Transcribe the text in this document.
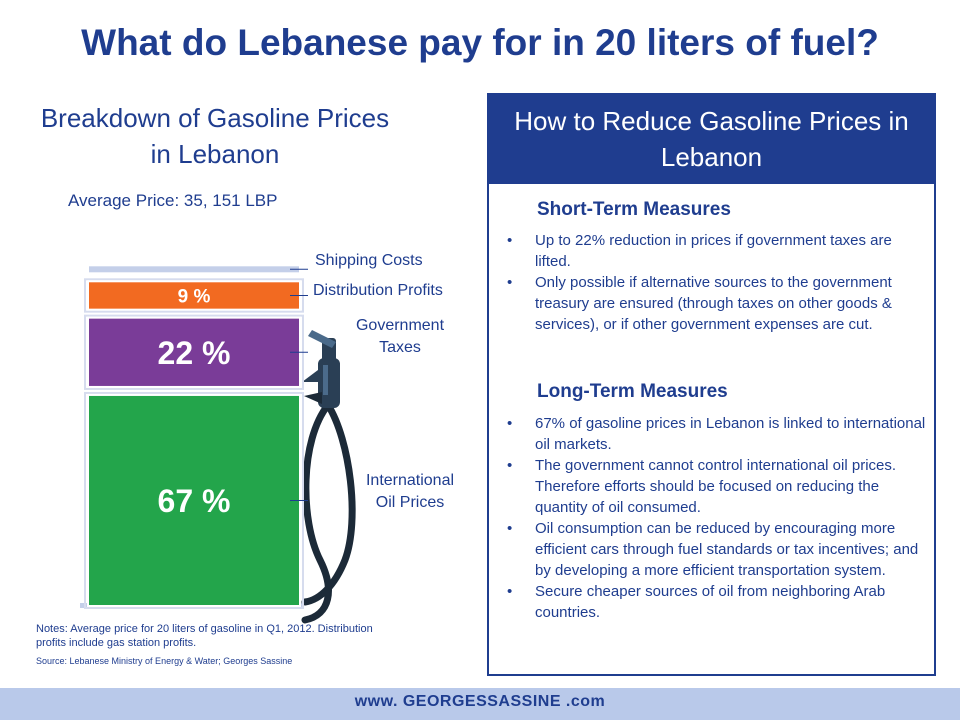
What do Lebanese pay for in 20 liters of fuel?
Breakdown of Gasoline Prices in Lebanon
Average Price: 35, 151 LBP
67 %
22 %
9 %
2%
International Oil Prices
Government Taxes
Distribution Profits
Shipping Costs
Notes: Average price for 20 liters of gasoline in Q1, 2012. Distribution profits include gas station profits.
Source: Lebanese Ministry of Energy & Water; Georges Sassine
How to Reduce Gasoline Prices in Lebanon
Short-Term Measures
• Up to 22% reduction in prices if government taxes are lifted.
• Only possible if alternative sources to the government treasury are ensured (through taxes on other goods & services), or if other government expenses are cut.
Long-Term Measures
• 67% of gasoline prices in Lebanon is linked to international oil markets.
• The government cannot control international oil prices. Therefore efforts should be focused on reducing the quantity of oil consumed.
• Oil consumption can be reduced by encouraging more efficient cars through fuel standards or tax incentives; and by developing a more efficient transportation system.
• Secure cheaper sources of oil from neighboring Arab countries.
www. GEORGESSASSINE .com
